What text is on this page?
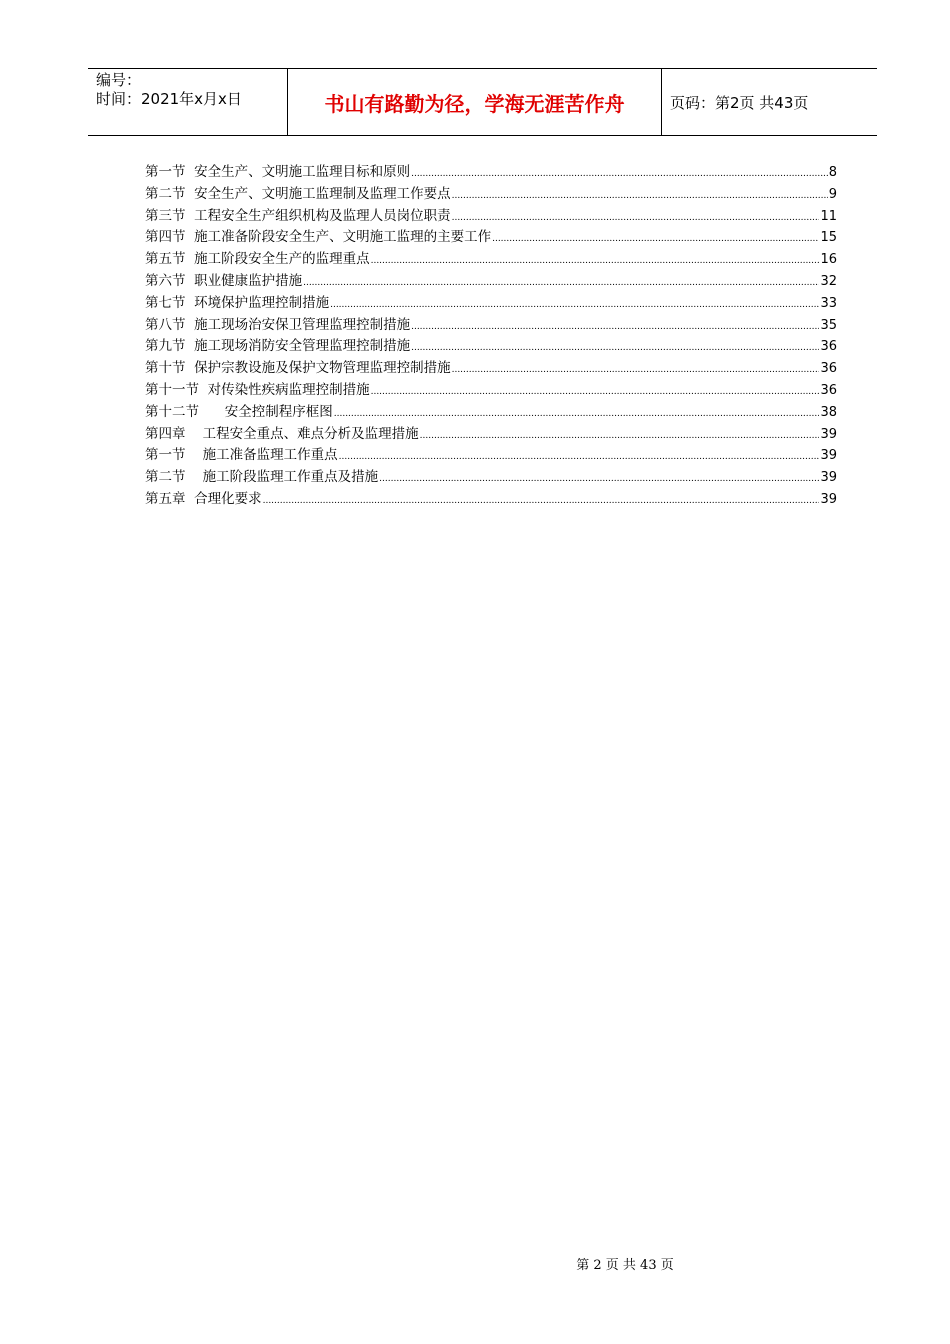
编号：
时间：2021年x月x日	书山有路勤为径，学海无涯苦作舟	页码：第2页 共43页
第一节  安全生产、文明施工监理目标和原则 .....	8
第二节  安全生产、文明施工监理制及监理工作要点 .....	9
第三节  工程安全生产组织机构及监理人员岗位职责 .....	11
第四节  施工准备阶段安全生产、文明施工监理的主要工作 .....	15
第五节  施工阶段安全生产的监理重点 .....	16
第六节  职业健康监护措施 .....	32
第七节  环境保护监理控制措施 .....	33
第八节  施工现场治安保卫管理监理控制措施 .....	35
第九节  施工现场消防安全管理监理控制措施 .....	36
第十节  保护宗教设施及保护文物管理监理控制措施 .....	36
第十一节  对传染性疾病监理控制措施 .....	36
第十二节      安全控制程序框图 .....	38
第四章    工程安全重点、难点分析及监理措施 .....	39
第一节    施工准备监理工作重点 .....	39
第二节    施工阶段监理工作重点及措施 .....	39
第五章  合理化要求 .....	39
第 2 页 共 43 页
